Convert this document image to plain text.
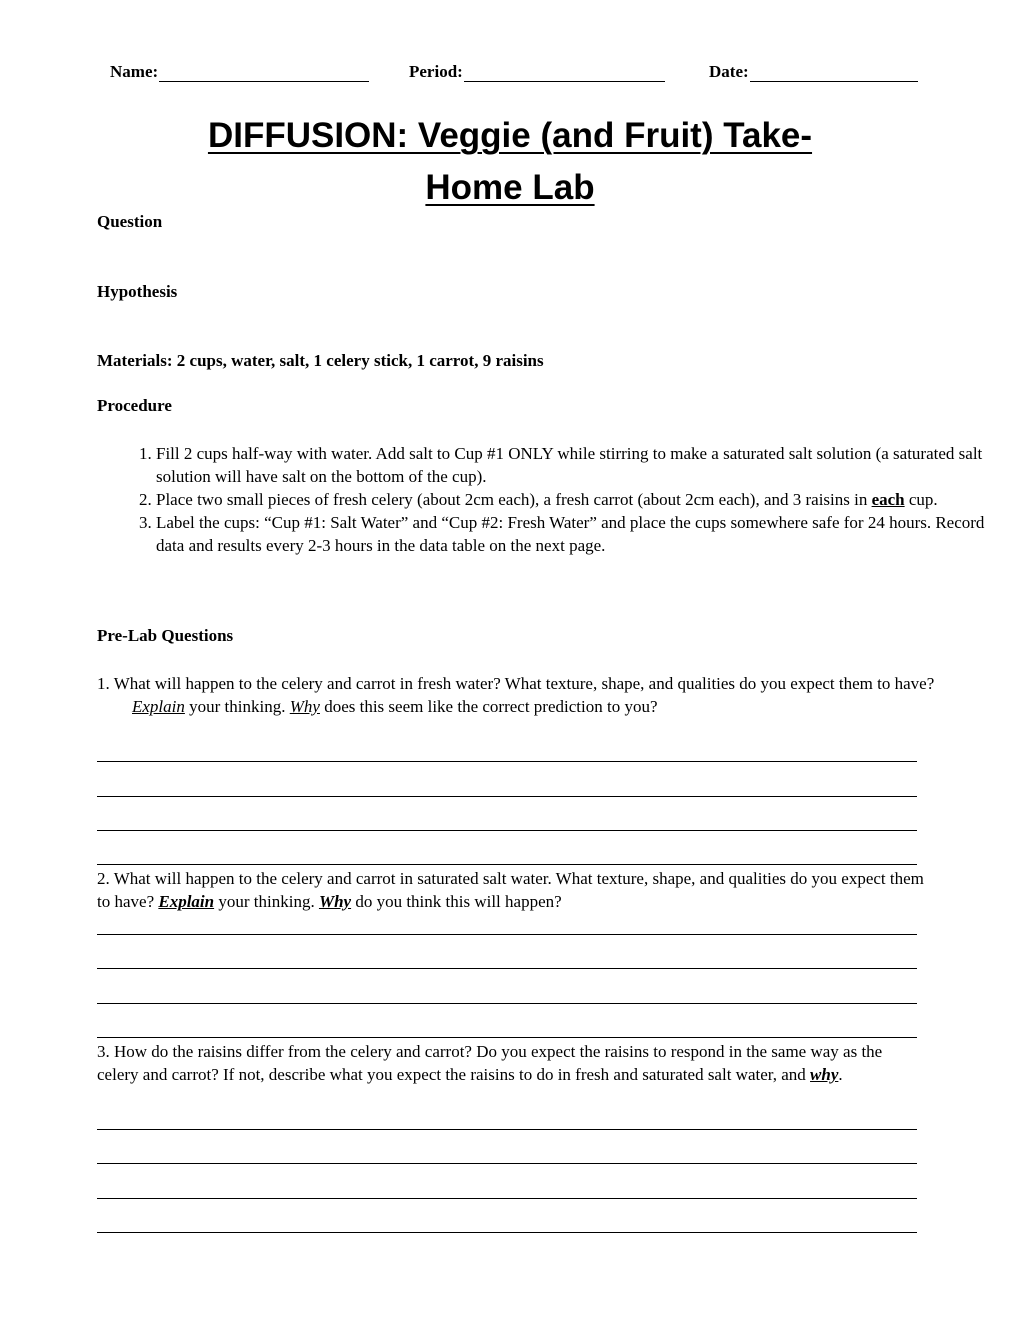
Name:	Period:	Date:
DIFFUSION: Veggie (and Fruit) Take-
Home Lab
Question
Hypothesis
Materials: 2 cups, water, salt, 1 celery stick, 1 carrot, 9 raisins
Procedure
1. Fill 2 cups half-way with water. Add salt to Cup #1 ONLY while stirring to make a saturated salt solution (a saturated salt solution will have salt on the bottom of the cup).
2. Place two small pieces of fresh celery (about 2cm each), a fresh carrot (about 2cm each), and 3 raisins in each cup.
3. Label the cups: “Cup #1: Salt Water” and “Cup #2: Fresh Water” and place the cups somewhere safe for 24 hours. Record data and results every 2-3 hours in the data table on the next page.
Pre-Lab Questions
1. What will happen to the celery and carrot in fresh water? What texture, shape, and qualities do you expect them to have? Explain your thinking. Why does this seem like the correct prediction to you?
2. What will happen to the celery and carrot in saturated salt water. What texture, shape, and qualities do you expect them to have? Explain your thinking. Why do you think this will happen?
3. How do the raisins differ from the celery and carrot? Do you expect the raisins to respond in the same way as the celery and carrot? If not, describe what you expect the raisins to do in fresh and saturated salt water, and why.
